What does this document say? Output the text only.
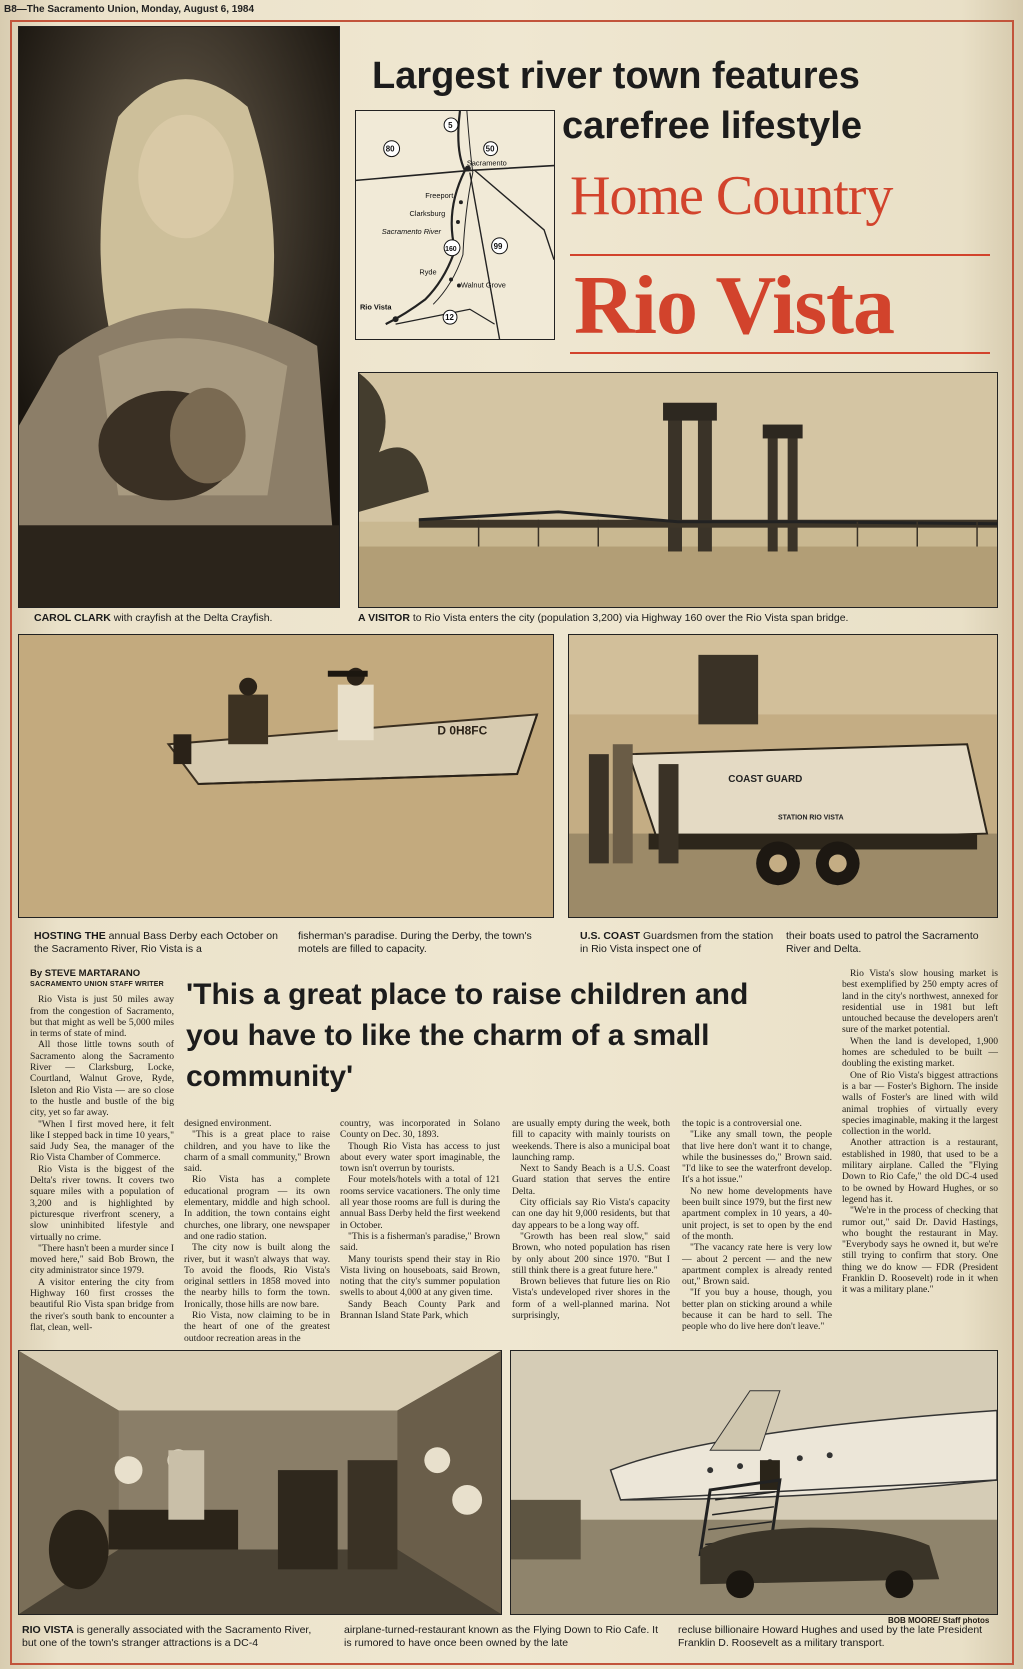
B8—The Sacramento Union, Monday, August 6, 1984
CAROL CLARK with crayfish at the Delta Crayfish.
Largest river town features
carefree lifestyle
5
80	50
160	99
12
Sacramento
Freeport
Clarksburg
Sacramento River
Ryde
Walnut Grove
Rio Vista
Home Country
Rio Vista
A VISITOR to Rio Vista enters the city (population 3,200) via Highway 160 over the Rio Vista span bridge.
D 0H8FC
COAST GUARD
STATION RIO VISTA
HOSTING THE annual Bass Derby each October on the Sacramento River, Rio Vista is a
fisherman's paradise. During the Derby, the town's motels are filled to capacity.
U.S. COAST Guardsmen from the station in Rio Vista inspect one of
their boats used to patrol the Sacramento River and Delta.
By STEVE MARTARANO
SACRAMENTO UNION STAFF WRITER

Rio Vista is just 50 miles away from the congestion of Sacramento, but that might as well be 5,000 miles in terms of state of mind.

All those little towns south of Sacramento along the Sacramento River — Clarksburg, Locke, Courtland, Walnut Grove, Ryde, Isleton and Rio Vista — are so close to the hustle and bustle of the big city, yet so far away.

"When I first moved here, it felt like I stepped back in time 10 years," said Judy Sea, the manager of the Rio Vista Chamber of Commerce.

Rio Vista is the biggest of the Delta's river towns. It covers two square miles with a population of 3,200 and is highlighted by picturesque riverfront scenery, a slow uninhibited lifestyle and virtually no crime.

"There hasn't been a murder since I moved here," said Bob Brown, the city administrator since 1979.

A visitor entering the city from Highway 160 first crosses the beautiful Rio Vista span bridge from the river's south bank to encounter a flat, clean, well-

'This a great place to raise children and you have to like the charm of a small community'

designed environment.

"This is a great place to raise children, and you have to like the charm of a small community," Brown said.

Rio Vista has a complete educational program — its own elementary, middle and high school. In addition, the town contains eight churches, one library, one newspaper and one radio station.

The city now is built along the river, but it wasn't always that way. To avoid the floods, Rio Vista's original settlers in 1858 moved into the nearby hills to form the town. Ironically, those hills are now bare.

Rio Vista, now claiming to be in the heart of one of the greatest outdoor recreation areas in the

country, was incorporated in Solano County on Dec. 30, 1893.

Though Rio Vista has access to just about every water sport imaginable, the town isn't overrun by tourists.

Four motels/hotels with a total of 121 rooms service vacationers. The only time all year those rooms are full is during the annual Bass Derby held the first weekend in October.

"This is a fisherman's paradise," Brown said.

Many tourists spend their stay in Rio Vista living on houseboats, said Brown, noting that the city's summer population swells to about 4,000 at any given time.

Sandy Beach County Park and Brannan Island State Park, which

are usually empty during the week, both fill to capacity with mainly tourists on weekends. There is also a municipal boat launching ramp.

Next to Sandy Beach is a U.S. Coast Guard station that serves the entire Delta.

City officials say Rio Vista's capacity can one day hit 9,000 residents, but that day appears to be a long way off.

"Growth has been real slow," said Brown, who noted population has risen by only about 200 since 1970. "But I still think there is a great future here."

Brown believes that future lies on Rio Vista's undeveloped river shores in the form of a well-planned marina. Not surprisingly,

the topic is a controversial one.

"Like any small town, the people that live here don't want it to change, while the businesses do," Brown said. "I'd like to see the waterfront develop. It's a hot issue."

No new home developments have been built since 1979, but the first new apartment complex in 10 years, a 40-unit project, is set to open by the end of the month.

"The vacancy rate here is very low — about 2 percent — and the new apartment complex is already rented out," Brown said.

"If you buy a house, though, you better plan on sticking around a while because it can be hard to sell. The people who do live here don't leave."

Rio Vista's slow housing market is best exemplified by 250 empty acres of land in the city's northwest, annexed for residential use in 1981 but left untouched because the developers aren't sure of the market potential.

When the land is developed, 1,900 homes are scheduled to be built — doubling the existing market.

One of Rio Vista's biggest attractions is a bar — Foster's Bighorn. The inside walls of Foster's are lined with wild animal trophies of virtually every species imaginable, making it the largest collection in the world.

Another attraction is a restaurant, established in 1980, that used to be a military airplane. Called the "Flying Down to Rio Cafe," the old DC-4 used to be owned by Howard Hughes, or so legend has it.

"We're in the process of checking that rumor out," said Dr. David Hastings, who bought the restaurant in May. "Everybody says he owned it, but we're still trying to confirm that story. One thing we do know — FDR (President Franklin D. Roosevelt) rode in it when it was a military plane."

BOB MOORE/ Staff photos
RIO VISTA is generally associated with the Sacramento River, but one of the town's stranger attractions is a DC-4
airplane-turned-restaurant known as the Flying Down to Rio Cafe. It is rumored to have once been owned by the late
recluse billionaire Howard Hughes and used by the late President Franklin D. Roosevelt as a military transport.
